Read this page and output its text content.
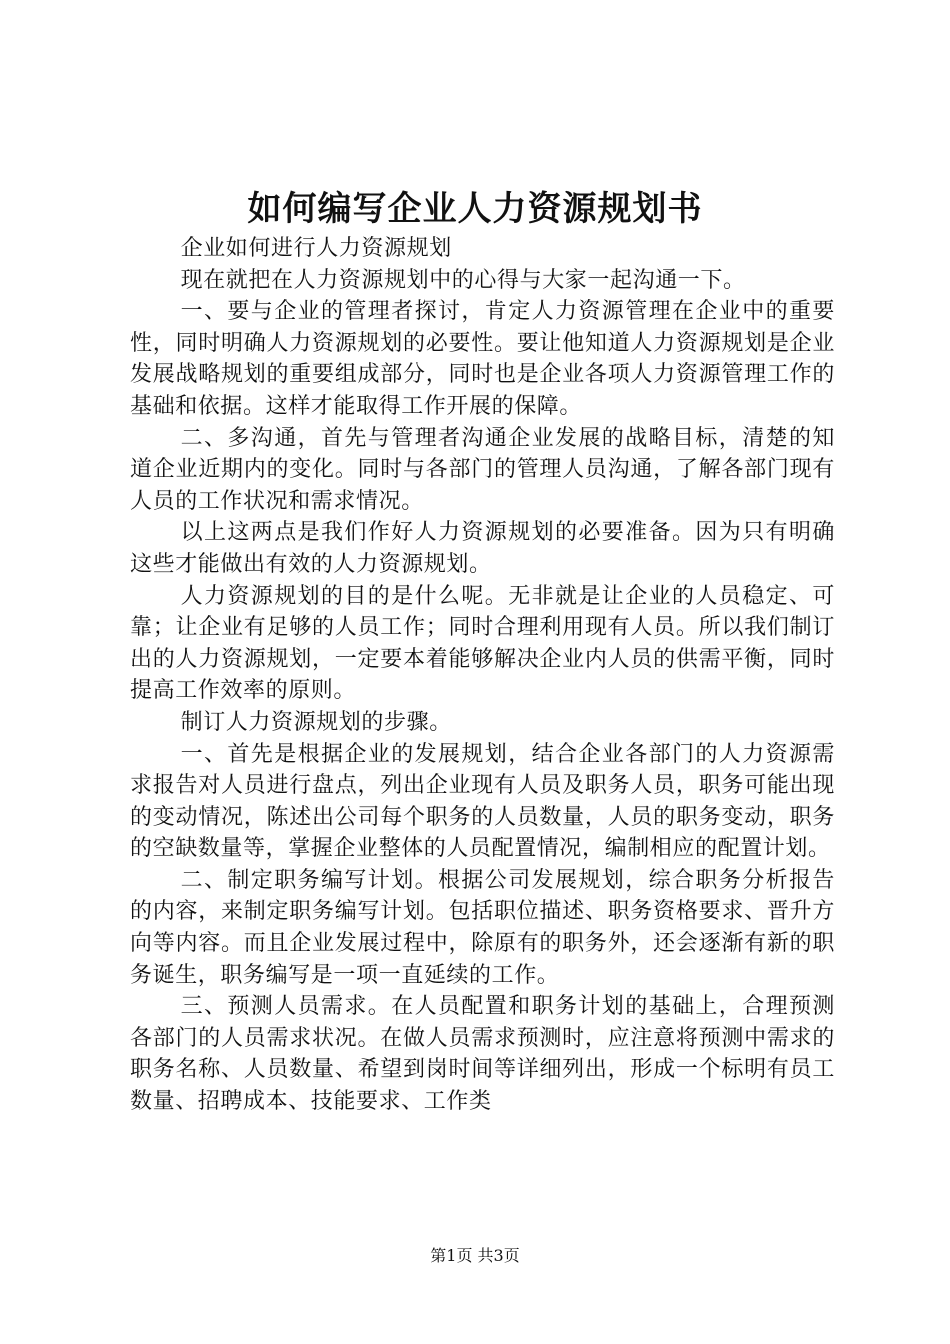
如何编写企业人力资源规划书

企业如何进行人力资源规划

现在就把在人力资源规划中的心得与大家一起沟通一下。

一、要与企业的管理者探讨，肯定人力资源管理在企业中的重要性，同时明确人力资源规划的必要性。要让他知道人力资源规划是企业发展战略规划的重要组成部分，同时也是企业各项人力资源管理工作的基础和依据。这样才能取得工作开展的保障。

二、多沟通，首先与管理者沟通企业发展的战略目标，清楚的知道企业近期内的变化。同时与各部门的管理人员沟通，了解各部门现有人员的工作状况和需求情况。

以上这两点是我们作好人力资源规划的必要准备。因为只有明确这些才能做出有效的人力资源规划。

人力资源规划的目的是什么呢。无非就是让企业的人员稳定、可靠；让企业有足够的人员工作；同时合理利用现有人员。所以我们制订出的人力资源规划，一定要本着能够解决企业内人员的供需平衡，同时提高工作效率的原则。

制订人力资源规划的步骤。

一、首先是根据企业的发展规划，结合企业各部门的人力资源需求报告对人员进行盘点，列出企业现有人员及职务人员，职务可能出现的变动情况，陈述出公司每个职务的人员数量，人员的职务变动，职务的空缺数量等，掌握企业整体的人员配置情况，编制相应的配置计划。

二、制定职务编写计划。根据公司发展规划，综合职务分析报告的内容，来制定职务编写计划。包括职位描述、职务资格要求、晋升方向等内容。而且企业发展过程中，除原有的职务外，还会逐渐有新的职务诞生，职务编写是一项一直延续的工作。

三、预测人员需求。在人员配置和职务计划的基础上，合理预测各部门的人员需求状况。在做人员需求预测时，应注意将预测中需求的职务名称、人员数量、希望到岗时间等详细列出，形成一个标明有员工数量、招聘成本、技能要求、工作类

第1页 共3页
